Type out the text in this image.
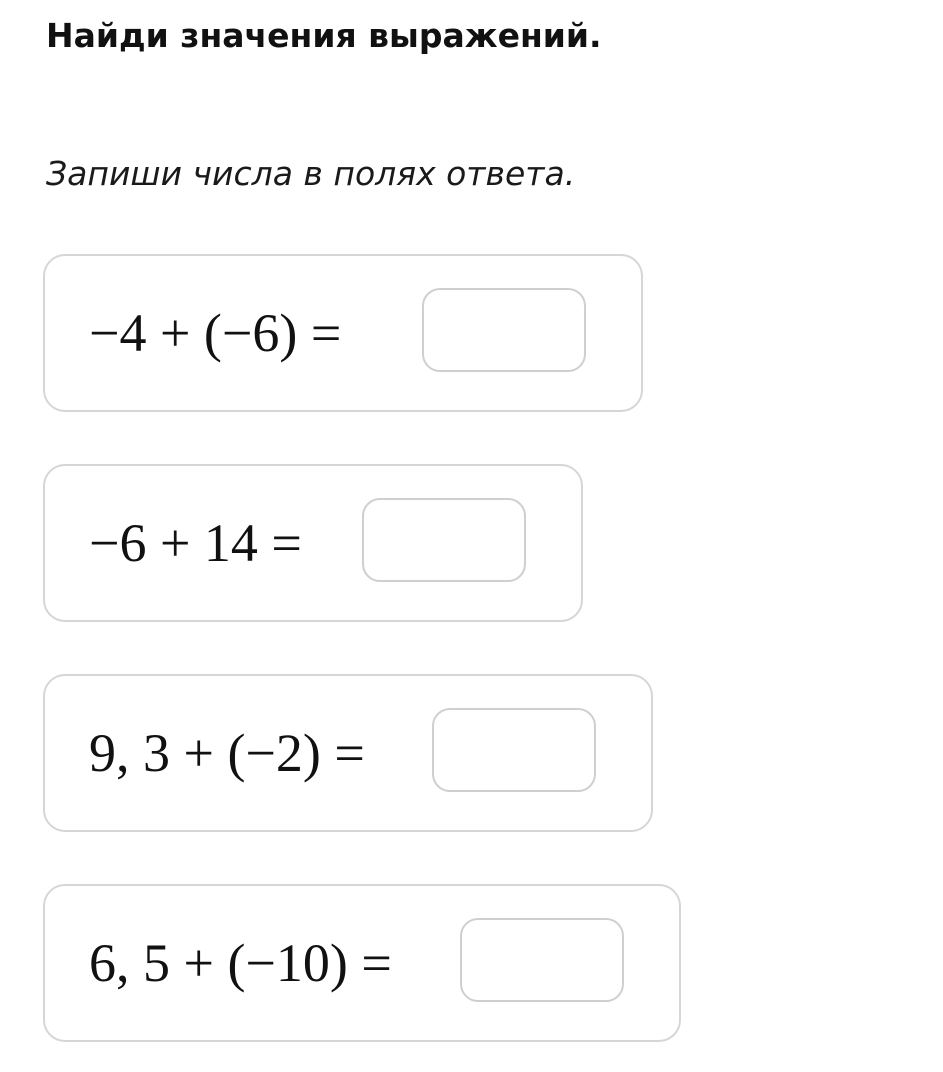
Найди значения выражений.
Запиши числа в полях ответа.
−4 + (−6) =
−6 + 14 =
9, 3 + (−2) =
6, 5 + (−10) =
